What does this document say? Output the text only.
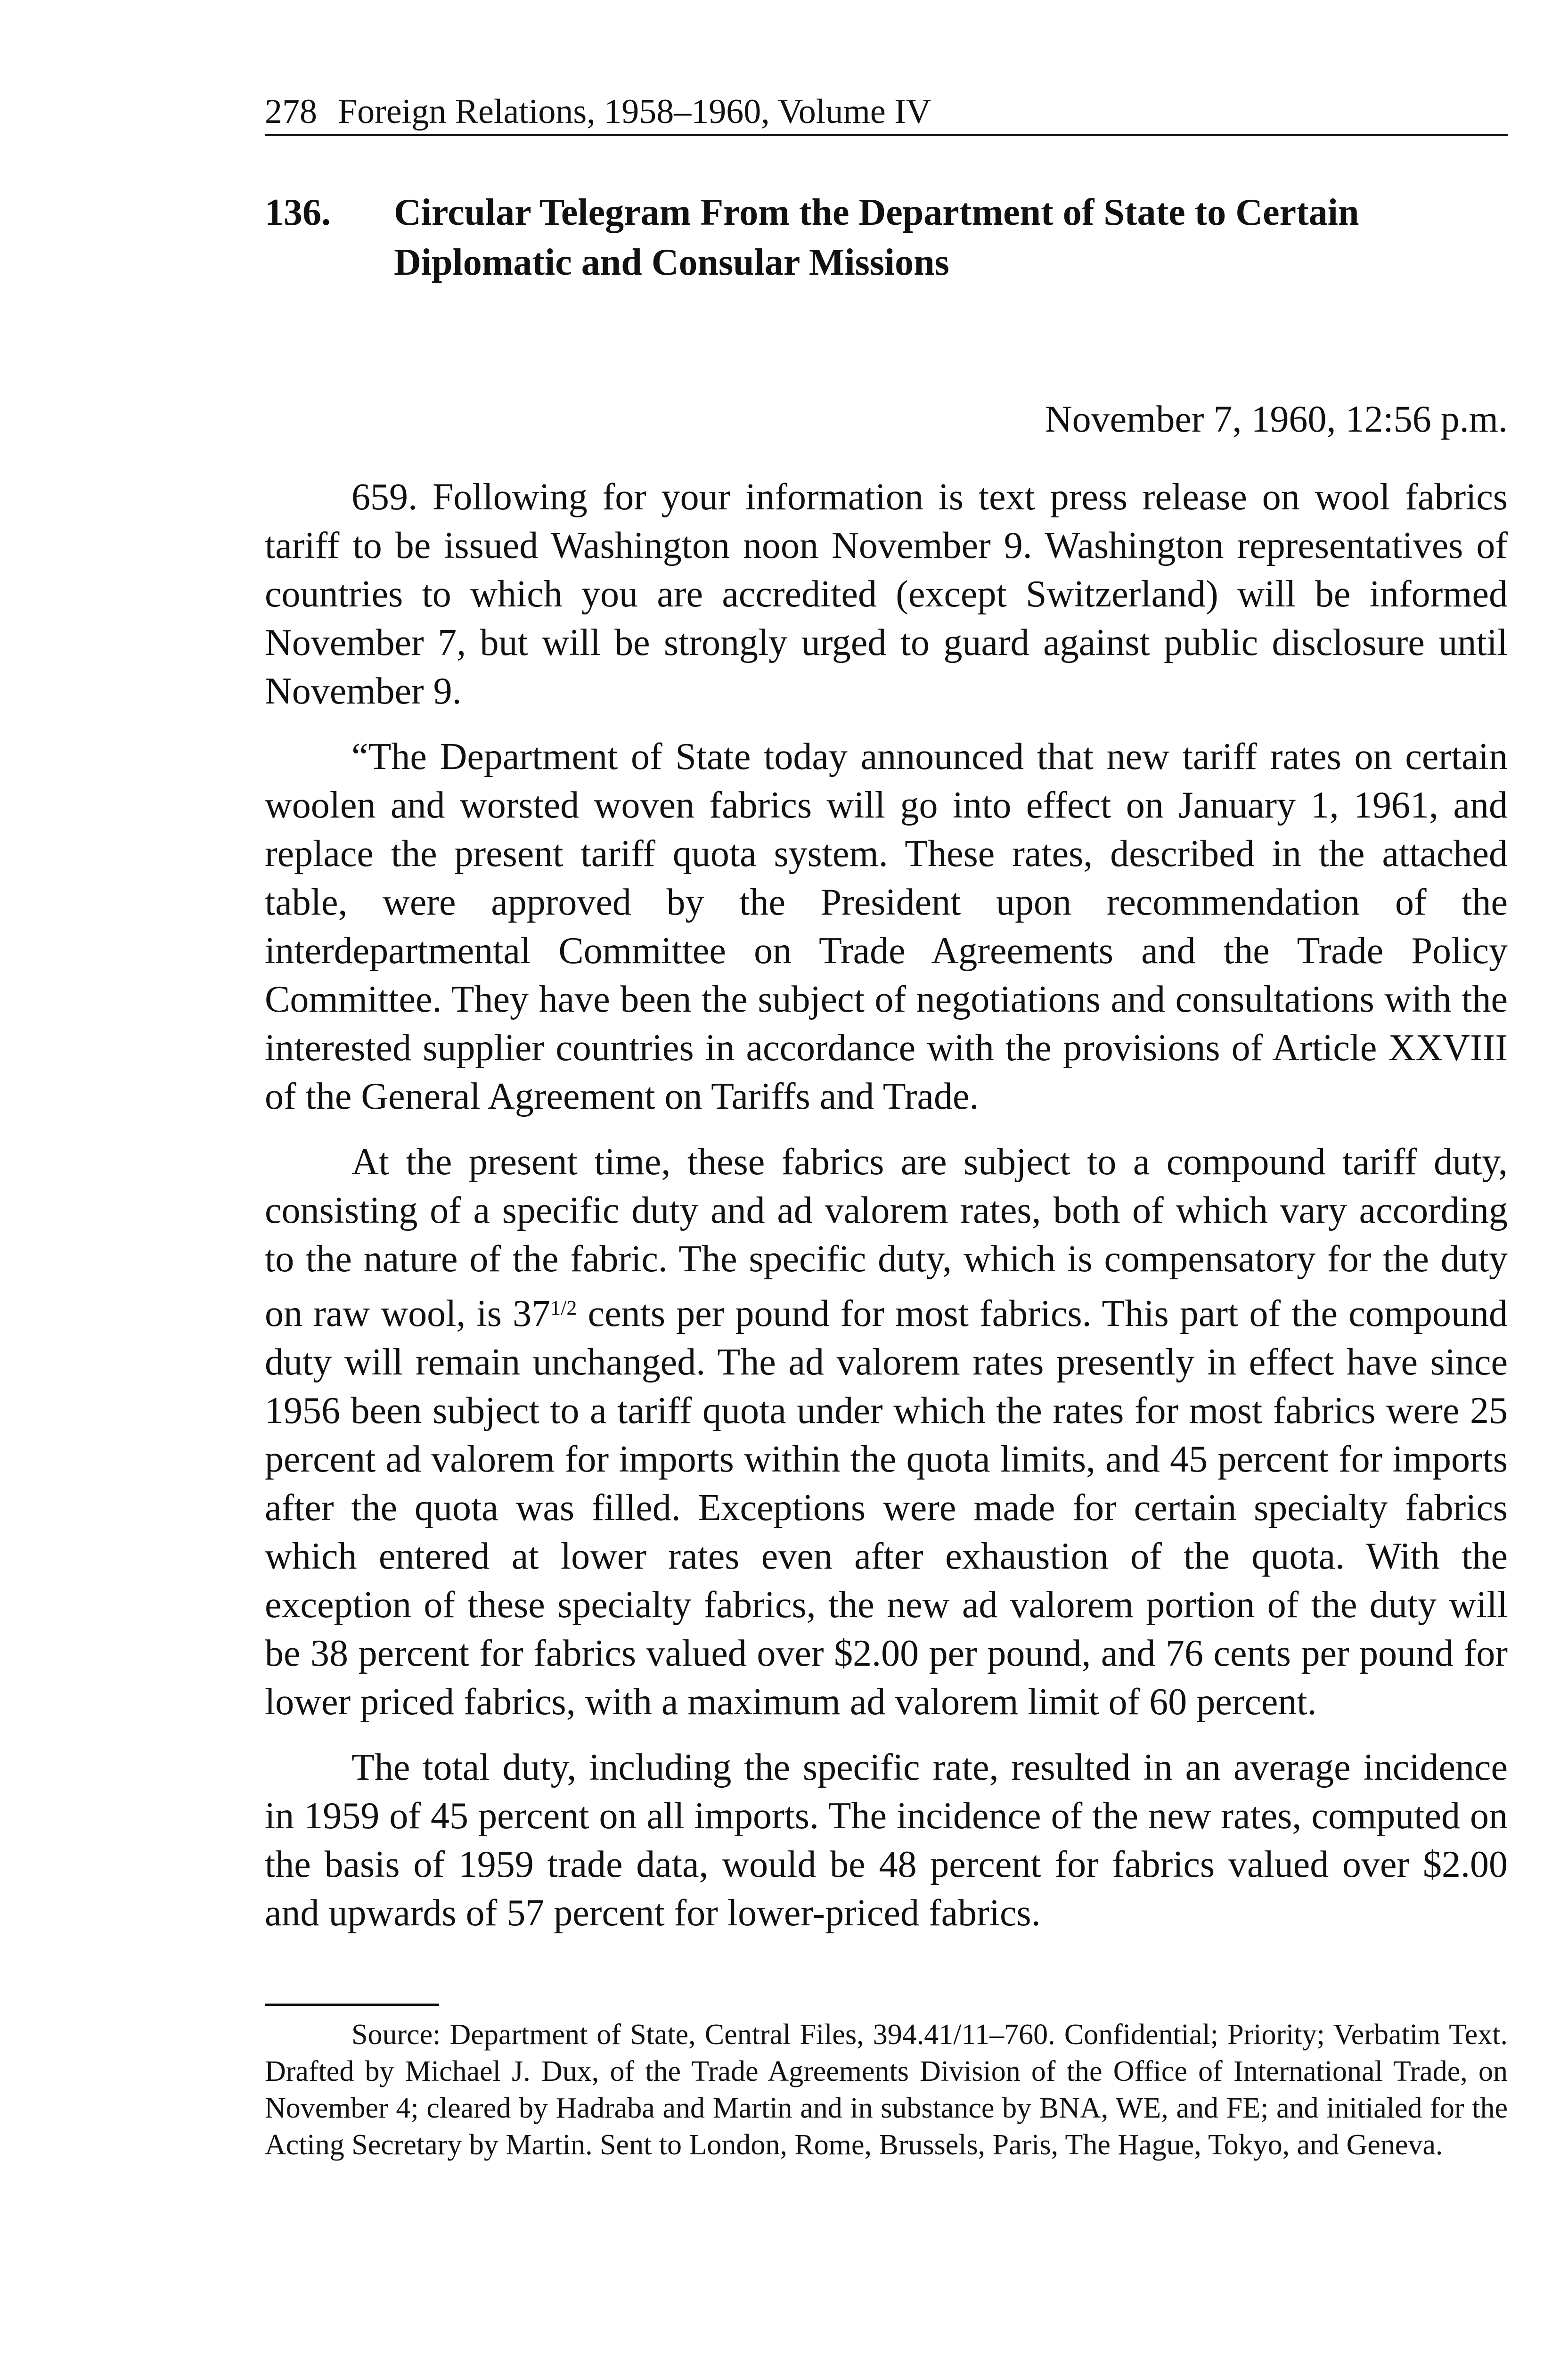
278 Foreign Relations, 1958–1960, Volume IV
136.	Circular Telegram From the Department of State to Certain Diplomatic and Consular Missions
November 7, 1960, 12:56 p.m.

659. Following for your information is text press release on wool fabrics tariff to be issued Washington noon November 9. Washington representatives of countries to which you are accredited (except Switzerland) will be informed November 7, but will be strongly urged to guard against public disclosure until November 9.

“The Department of State today announced that new tariff rates on certain woolen and worsted woven fabrics will go into effect on January 1, 1961, and replace the present tariff quota system. These rates, described in the attached table, were approved by the President upon recommendation of the interdepartmental Committee on Trade Agreements and the Trade Policy Committee. They have been the subject of negotiations and consultations with the interested supplier countries in accordance with the provisions of Article XXVIII of the General Agreement on Tariffs and Trade.

At the present time, these fabrics are subject to a compound tariff duty, consisting of a specific duty and ad valorem rates, both of which vary according to the nature of the fabric. The specific duty, which is compensatory for the duty on raw wool, is $37^{1/2}$ cents per pound for most fabrics. This part of the compound duty will remain unchanged. The ad valorem rates presently in effect have since 1956 been subject to a tariff quota under which the rates for most fabrics were 25 percent ad valorem for imports within the quota limits, and 45 percent for imports after the quota was filled. Exceptions were made for certain specialty fabrics which entered at lower rates even after exhaustion of the quota. With the exception of these specialty fabrics, the new ad valorem portion of the duty will be 38 percent for fabrics valued over $2.00 per pound, and 76 cents per pound for lower priced fabrics, with a maximum ad valorem limit of 60 percent.

The total duty, including the specific rate, resulted in an average incidence in 1959 of 45 percent on all imports. The incidence of the new rates, computed on the basis of 1959 trade data, would be 48 percent for fabrics valued over $2.00 and upwards of 57 percent for lower-priced fabrics.

Source: Department of State, Central Files, 394.41/11–760. Confidential; Priority; Verbatim Text. Drafted by Michael J. Dux, of the Trade Agreements Division of the Office of International Trade, on November 4; cleared by Hadraba and Martin and in substance by BNA, WE, and FE; and initialed for the Acting Secretary by Martin. Sent to London, Rome, Brussels, Paris, The Hague, Tokyo, and Geneva.
